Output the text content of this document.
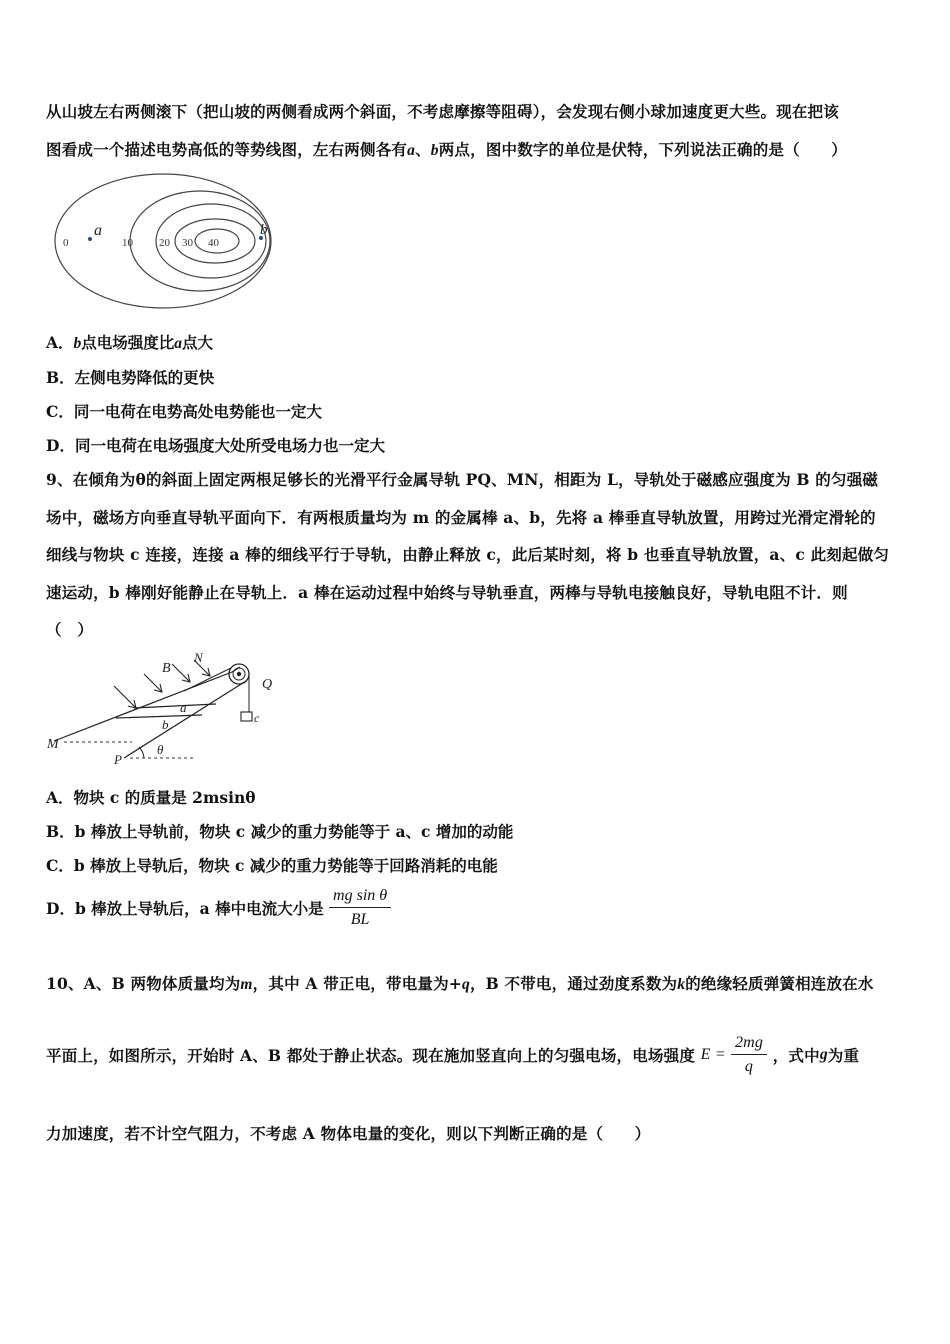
从山坡左右两侧滚下（把山坡的两侧看成两个斜面，不考虑摩擦等阻碍），会发现右侧小球加速度更大些。现在把该
图看成一个描述电势高低的等势线图，左右两侧各有a、b两点，图中数字的单位是伏特，下列说法正确的是（　　）
a	b
0	10 20 30 40
A．b点电场强度比a点大
B．左侧电势降低的更快
C．同一电荷在电势高处电势能也一定大
D．同一电荷在电场强度大处所受电场力也一定大
9、在倾角为θ的斜面上固定两根足够长的光滑平行金属导轨 PQ、MN，相距为 L，导轨处于磁感应强度为 B 的匀强磁
场中，磁场方向垂直导轨平面向下．有两根质量均为 m 的金属棒 a、b，先将 a 棒垂直导轨放置，用跨过光滑定滑轮的
细线与物块 c 连接，连接 a 棒的细线平行于导轨，由静止释放 c，此后某时刻，将 b 也垂直导轨放置，a、c 此刻起做匀
速运动，b 棒刚好能静止在导轨上．a 棒在运动过程中始终与导轨垂直，两棒与导轨电接触良好，导轨电阻不计．则
（　）
B
N
Q
a
b	c
M
P
θ
A．物块 c 的质量是 2msinθ
B．b 棒放上导轨前，物块 c 减少的重力势能等于 a、c 增加的动能
C．b 棒放上导轨后，物块 c 减少的重力势能等于回路消耗的电能
D．b 棒放上导轨后，a 棒中电流大小是 $\frac{\text{mg sin θ}}{BL}$
10、A、B 两物体质量均为m，其中 A 带正电，带电量为+q，B 不带电，通过劲度系数为k的绝缘轻质弹簧相连放在水
平面上，如图所示，开始时 A、B 都处于静止状态。现在施加竖直向上的匀强电场，电场强度 $E = \frac{2mg}{q}$ ，式中g为重
力加速度，若不计空气阻力，不考虑 A 物体电量的变化，则以下判断正确的是（　　）
